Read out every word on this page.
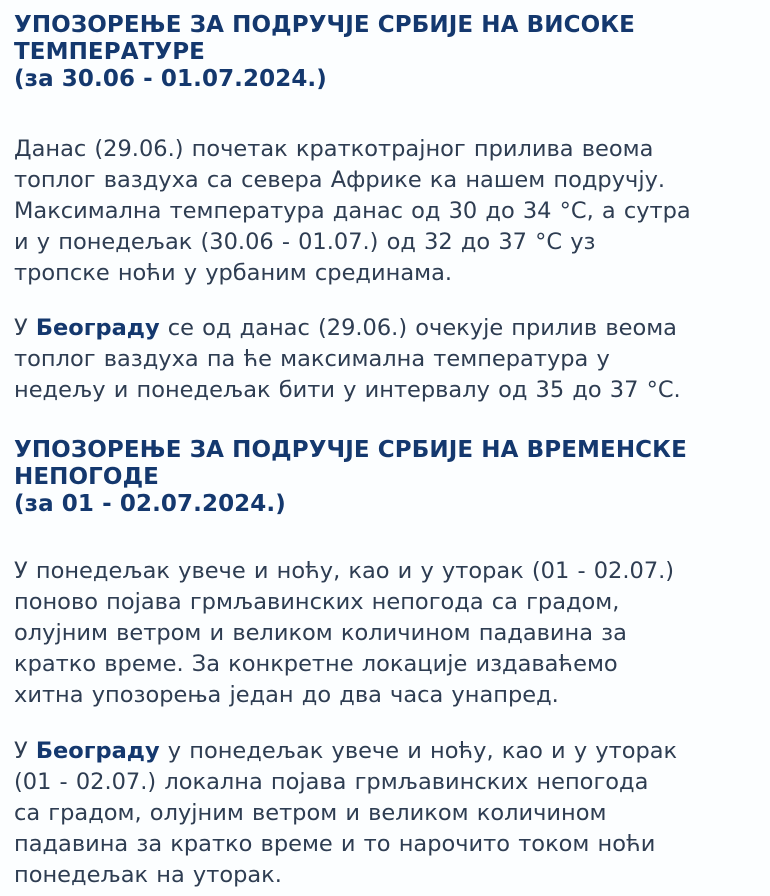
УПОЗОРЕЊЕ ЗА ПОДРУЧЈЕ СРБИЈЕ НА ВИСОКЕ
ТЕМПЕРАТУРЕ
(за 30.06 - 01.07.2024.)

Данас (29.06.) почетак краткотрајног прилива веома
топлог ваздуха са севера Африке ка нашем подручју.
Максимална температура данас од 30 до 34 °C, а сутра
и у понедељак (30.06 - 01.07.) од 32 до 37 °C уз
тропске ноћи у урбаним срединама.

У Београду се од данас (29.06.) очекује прилив веома
топлог ваздуха па ће максимална температура у
недељу и понедељак бити у интервалу од 35 до 37 °C.

УПОЗОРЕЊЕ ЗА ПОДРУЧЈЕ СРБИЈЕ НА ВРЕМЕНСКЕ
НЕПОГОДЕ
(за 01 - 02.07.2024.)

У понедељак увече и ноћу, као и у уторак (01 - 02.07.)
поново појава грмљавинских непогода са градом,
олујним ветром и великом количином падавина за
кратко време. За конкретне локације издаваћемо
хитна упозорења један до два часа унапред.

У Београду у понедељак увече и ноћу, као и у уторак
(01 - 02.07.) локална појава грмљавинских непогода
са градом, олујним ветром и великом количином
падавина за кратко време и то нарочито током ноћи
понедељак на уторак.
